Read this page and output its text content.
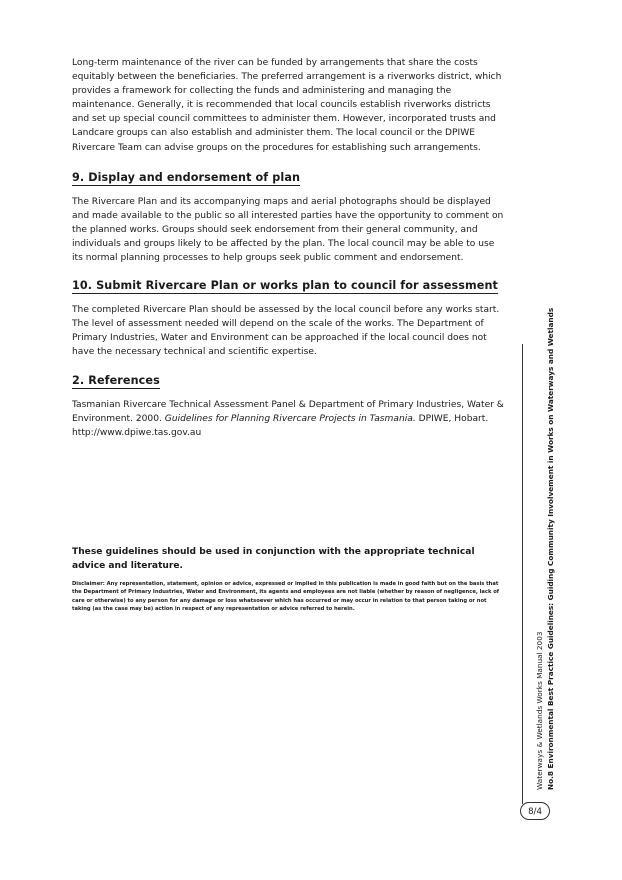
Long-term maintenance of the river can be funded by arrangements that share the costs equitably between the beneficiaries. The preferred arrangement is a riverworks district, which provides a framework for collecting the funds and administering and managing the maintenance. Generally, it is recommended that local councils establish riverworks districts and set up special council committees to administer them. However, incorporated trusts and Landcare groups can also establish and administer them. The local council or the DPIWE Rivercare Team can advise groups on the procedures for establishing such arrangements.

9. Display and endorsement of plan

The Rivercare Plan and its accompanying maps and aerial photographs should be displayed and made available to the public so all interested parties have the opportunity to comment on the planned works. Groups should seek endorsement from their general community, and individuals and groups likely to be affected by the plan. The local council may be able to use its normal planning processes to help groups seek public comment and endorsement.

10. Submit Rivercare Plan or works plan to council for assessment

The completed Rivercare Plan should be assessed by the local council before any works start. The level of assessment needed will depend on the scale of the works. The Department of Primary Industries, Water and Environment can be approached if the local council does not have the necessary technical and scientific expertise.

2. References

Tasmanian Rivercare Technical Assessment Panel & Department of Primary Industries, Water & Environment. 2000. Guidelines for Planning Rivercare Projects in Tasmania. DPIWE, Hobart.
http://www.dpiwe.tas.gov.au

These guidelines should be used in conjunction with the appropriate technical advice and literature.

Disclaimer: Any representation, statement, opinion or advice, expressed or implied in this publication is made in good faith but on the basis that the Department of Primary Industries, Water and Environment, its agents and employees are not liable (whether by reason of negligence, lack of care or otherwise) to any person for any damage or loss whatsoever which has occurred or may occur in relation to that person taking or not taking (as the case may be) action in respect of any representation or advice referred to herein.

Waterways & Wetlands Works Manual 2003 No.8 Environmental Best Practice Guidelines: Guiding Community Involvement in Works on Waterways and Wetlands
8/4
